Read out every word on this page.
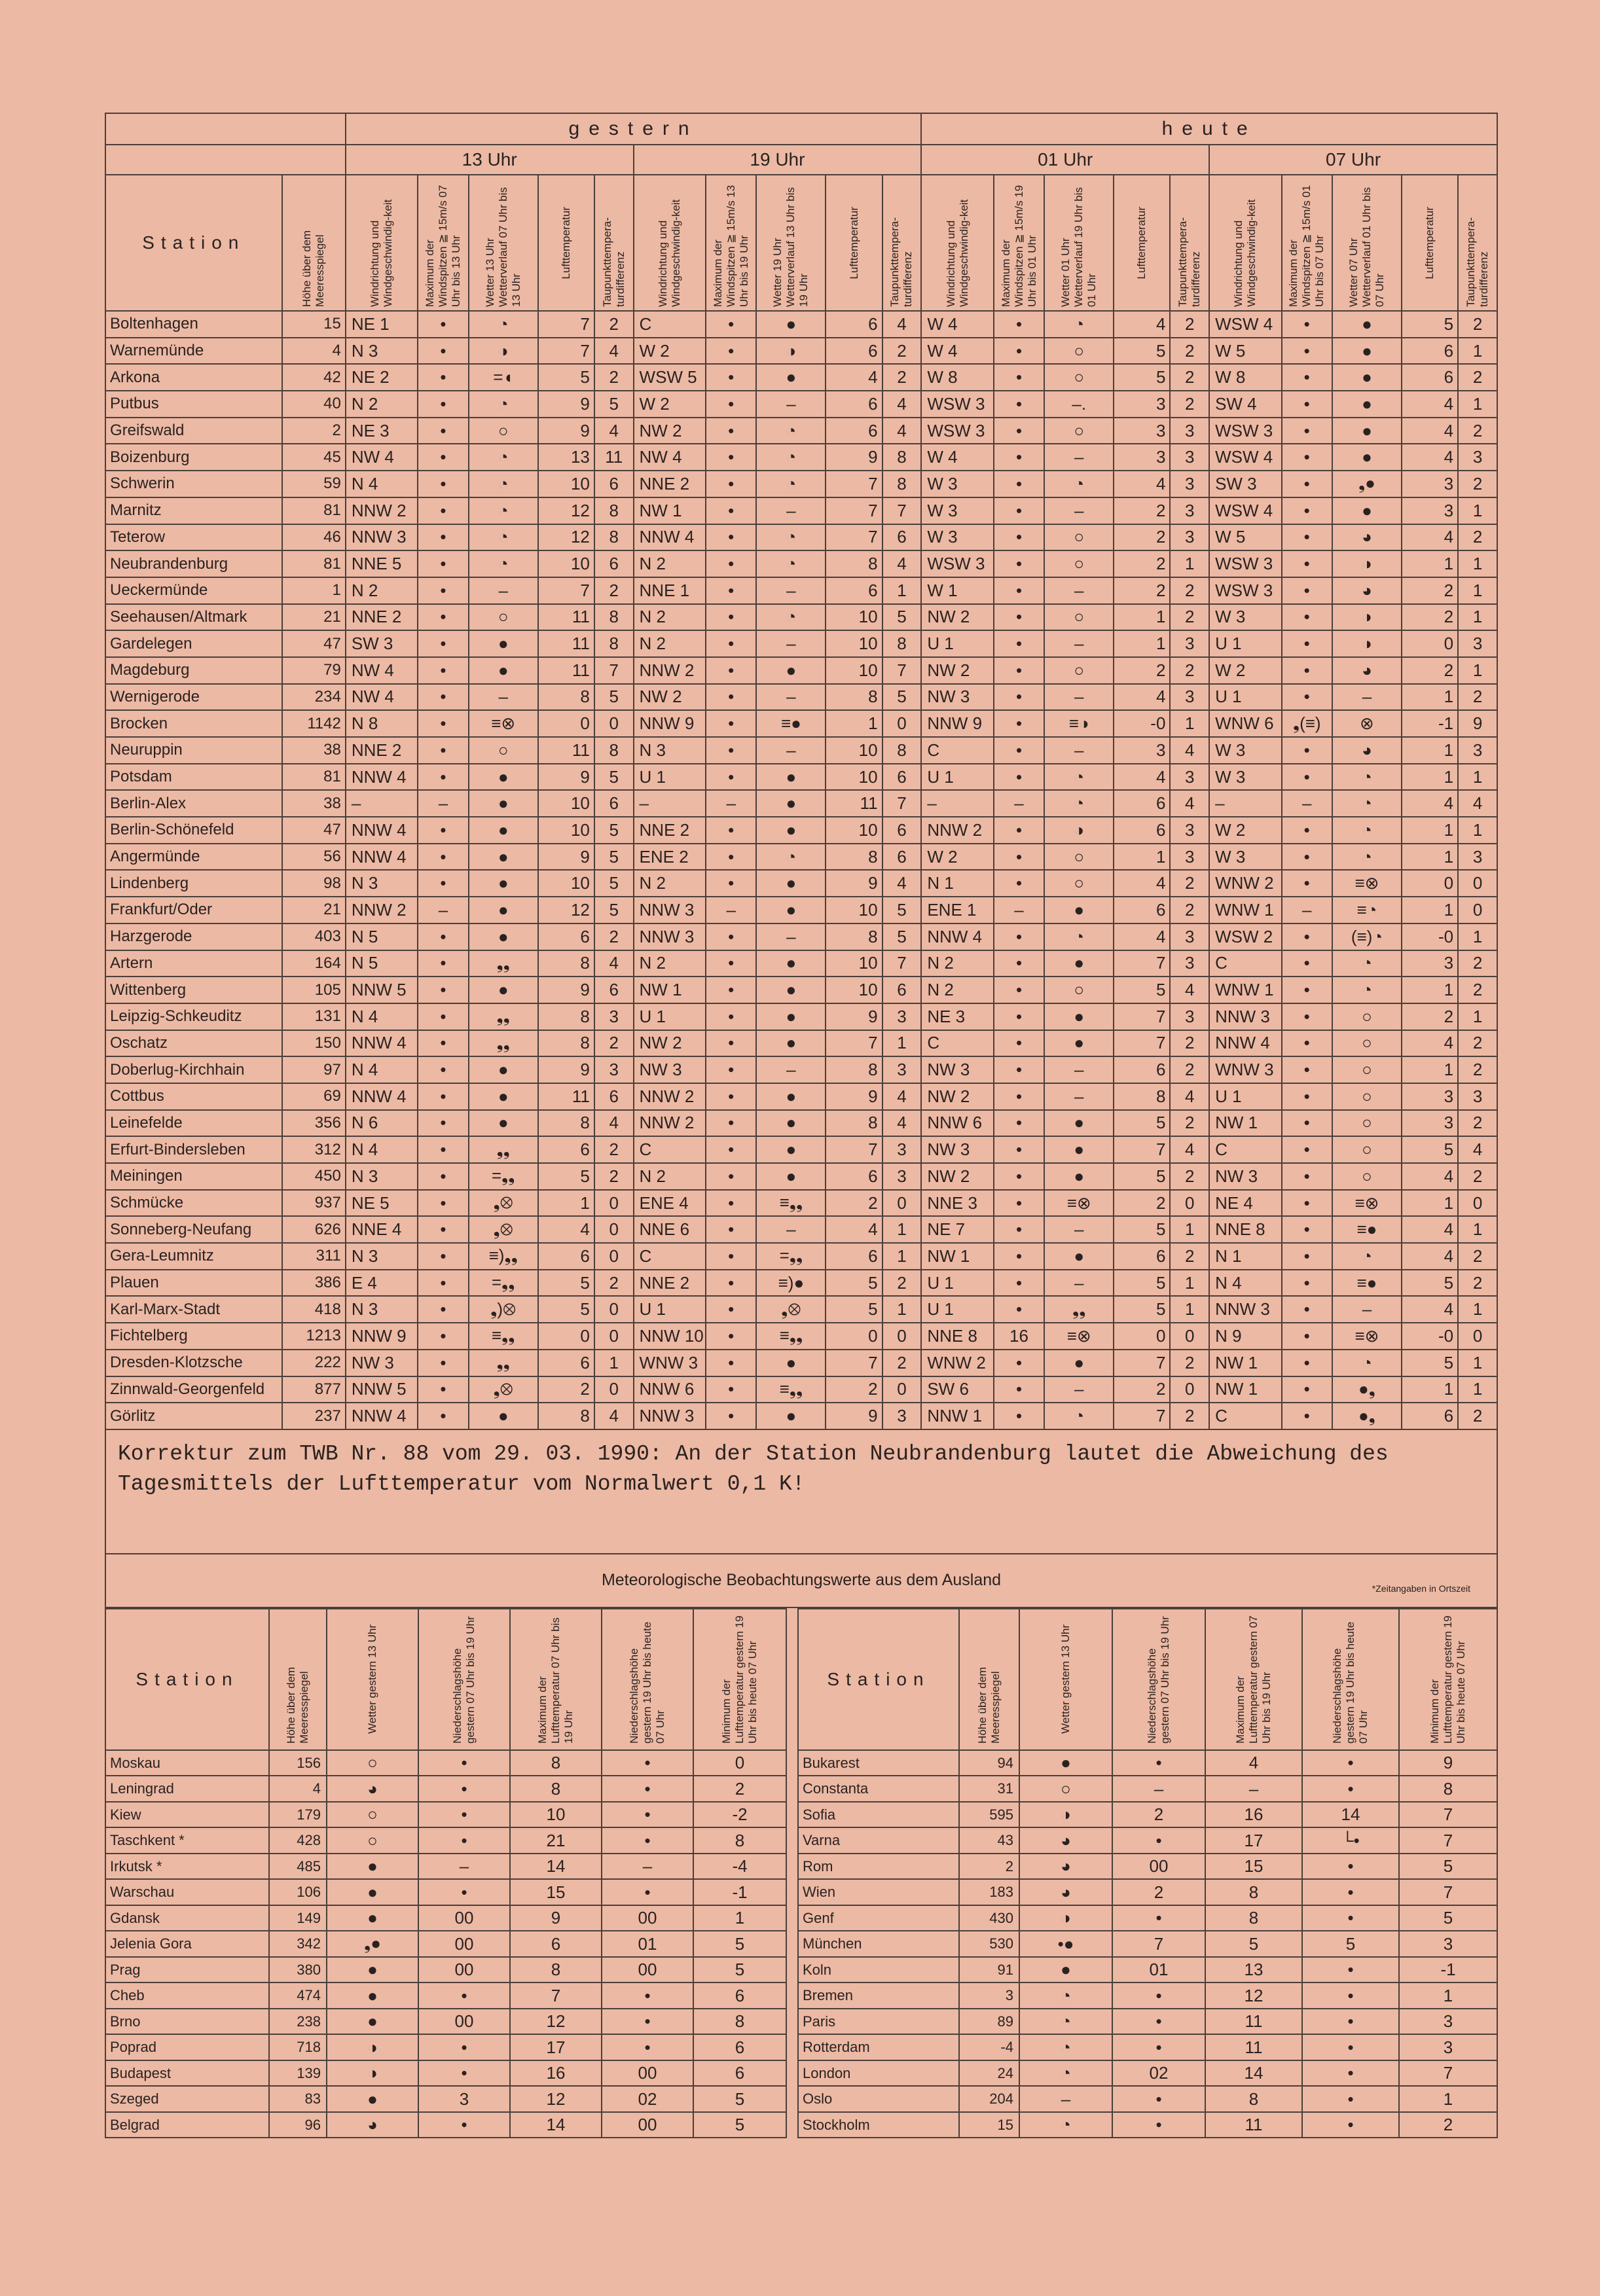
		gestern										heute									
		13 Uhr					19 Uhr					01 Uhr					07 Uhr				
Station	Höhe über dem Meeresspiegel	Windrichtung und Windgeschwindig-keit	Maximum der Windspitzen ≧ 15m/s 07 Uhr bis 13 Uhr	Wetter 13 Uhr Wetterverlauf 07 Uhr bis 13 Uhr	Lufttemperatur	Taupunkttempera-turdifferenz	Windrichtung und Windgeschwindig-keit	Maximum der Windspitzen ≧ 15m/s 13 Uhr bis 19 Uhr	Wetter 19 Uhr Wetterverlauf 13 Uhr bis 19 Uhr	Lufttemperatur	Taupunkttempera-turdifferenz	Windrichtung und Windgeschwindig-keit	Maximum der Windspitzen ≧ 15m/s 19 Uhr bis 01 Uhr	Wetter 01 Uhr Wetterverlauf 19 Uhr bis 01 Uhr	Lufttemperatur	Taupunkttempera-turdifferenz	Windrichtung und Windgeschwindig-keit	Maximum der Windspitzen ≧ 15m/s 01 Uhr bis 07 Uhr	Wetter 07 Uhr Wetterverlauf 01 Uhr bis 07 Uhr	Lufttemperatur	Taupunkttempera-turdifferenz

Boltenhagen	15	NE 1	•	◔	7	2	C	•	●	6	4	W 4	•	◔	4	2	WSW 4	•	●	5	2
Warnemünde	4	N 3	•	◑	7	4	W 2	•	◑	6	2	W 4	•	○	5	2	W 5	•	●	6	1
Arkona	42	NE 2	•	=◖	5	2	WSW 5	•	●	4	2	W 8	•	○	5	2	W 8	•	●	6	2
Putbus	40	N 2	•	◔	9	5	W 2	•	–	6	4	WSW 3	•	–.	3	2	SW 4	•	●	4	1
Greifswald	2	NE 3	•	○	9	4	NW 2	•	◔	6	4	WSW 3	•	○	3	3	WSW 3	•	●	4	2
Boizenburg	45	NW 4	•	◔	13	11	NW 4	•	◔	9	8	W 4	•	–	3	3	WSW 4	•	●	4	3
Schwerin	59	N 4	•	◔	10	6	NNE 2	•	◔	7	8	W 3	•	◔	4	3	SW 3	•	❟●	3	2
Marnitz	81	NNW 2	•	◔	12	8	NW 1	•	–	7	7	W 3	•	–	2	3	WSW 4	•	●	3	1
Teterow	46	NNW 3	•	◔	12	8	NNW 4	•	◔	7	6	W 3	•	○	2	3	W 5	•	◕	4	2
Neubrandenburg	81	NNE 5	•	◔	10	6	N 2	•	◔	8	4	WSW 3	•	○	2	1	WSW 3	•	◑	1	1
Ueckermünde	1	N 2	•	–	7	2	NNE 1	•	–	6	1	W 1	•	–	2	2	WSW 3	•	◕	2	1
Seehausen/Altmark	21	NNE 2	•	○	11	8	N 2	•	◔	10	5	NW 2	•	○	1	2	W 3	•	◑	2	1
Gardelegen	47	SW 3	•	●	11	8	N 2	•	–	10	8	U 1	•	–	1	3	U 1	•	◑	0	3
Magdeburg	79	NW 4	•	●	11	7	NNW 2	•	●	10	7	NW 2	•	○	2	2	W 2	•	◕	2	1
Wernigerode	234	NW 4	•	–	8	5	NW 2	•	–	8	5	NW 3	•	–	4	3	U 1	•	–	1	2
Brocken	1142	N 8	•	≡⊗	0	0	NNW 9	•	≡●	1	0	NNW 9	•	≡◑	-0	1	WNW 6	❟(≡)	⊗	-1	9
Neuruppin	38	NNE 2	•	○	11	8	N 3	•	–	10	8	C	•	–	3	4	W 3	•	◕	1	3
Potsdam	81	NNW 4	•	●	9	5	U 1	•	●	10	6	U 1	•	◔	4	3	W 3	•	◔	1	1
Berlin-Alex	38	–	–	●	10	6	–	–	●	11	7	–	–	◔	6	4	–	–	◔	4	4
Berlin-Schönefeld	47	NNW 4	•	●	10	5	NNE 2	•	●	10	6	NNW 2	•	◑	6	3	W 2	•	◔	1	1
Angermünde	56	NNW 4	•	●	9	5	ENE 2	•	◔	8	6	W 2	•	○	1	3	W 3	•	◔	1	3
Lindenberg	98	N 3	•	●	10	5	N 2	•	●	9	4	N 1	•	○	4	2	WNW 2	•	≡⊗	0	0
Frankfurt/Oder	21	NNW 2	–	●	12	5	NNW 3	–	●	10	5	ENE 1	–	●	6	2	WNW 1	–	≡◔	1	0
Harzgerode	403	N 5	•	●	6	2	NNW 3	•	–	8	5	NNW 4	•	◔	4	3	WSW 2	•	(≡)◔	-0	1
Artern	164	N 5	•	❟❟	8	4	N 2	•	●	10	7	N 2	•	●	7	3	C	•	◔	3	2
Wittenberg	105	NNW 5	•	●	9	6	NW 1	•	●	10	6	N 2	•	○	5	4	WNW 1	•	◔	1	2
Leipzig-Schkeuditz	131	N 4	•	❟❟	8	3	U 1	•	●	9	3	NE 3	•	●	7	3	NNW 3	•	○	2	1
Oschatz	150	NNW 4	•	❟❟	8	2	NW 2	•	●	7	1	C	•	●	7	2	NNW 4	•	○	4	2
Doberlug-Kirchhain	97	N 4	•	●	9	3	NW 3	•	–	8	3	NW 3	•	–	6	2	WNW 3	•	○	1	2
Cottbus	69	NNW 4	•	●	11	6	NNW 2	•	●	9	4	NW 2	•	–	8	4	U 1	•	○	3	3
Leinefelde	356	N 6	•	●	8	4	NNW 2	•	●	8	4	NNW 6	•	●	5	2	NW 1	•	○	3	2
Erfurt-Bindersleben	312	N 4	•	❟❟	6	2	C	•	●	7	3	NW 3	•	●	7	4	C	•	○	5	4
Meiningen	450	N 3	•	=❟❟	5	2	N 2	•	●	6	3	NW 2	•	●	5	2	NW 3	•	○	4	2
Schmücke	937	NE 5	•	❟⊗	1	0	ENE 4	•	≡❟❟	2	0	NNE 3	•	≡⊗	2	0	NE 4	•	≡⊗	1	0
Sonneberg-Neufang	626	NNE 4	•	❟⊗	4	0	NNE 6	•	–	4	1	NE 7	•	–	5	1	NNE 8	•	≡●	4	1
Gera-Leumnitz	311	N 3	•	≡)❟❟	6	0	C	•	=❟❟	6	1	NW 1	•	●	6	2	N 1	•	◔	4	2
Plauen	386	E 4	•	=❟❟	5	2	NNE 2	•	≡)●	5	2	U 1	•	–	5	1	N 4	•	≡●	5	2
Karl-Marx-Stadt	418	N 3	•	❟)⊗	5	0	U 1	•	❟⊗	5	1	U 1	•	❟❟	5	1	NNW 3	•	–	4	1
Fichtelberg	1213	NNW 9	•	≡❟❟	0	0	NNW 10	•	≡❟❟	0	0	NNE 8	16	≡⊗	0	0	N 9	•	≡⊗	-0	0
Dresden-Klotzsche	222	NW 3	•	❟❟	6	1	WNW 3	•	●	7	2	WNW 2	•	●	7	2	NW 1	•	◔	5	1
Zinnwald-Georgenfeld	877	NNW 5	•	❟⊗	2	0	NNW 6	•	≡❟❟	2	0	SW 6	•	–	2	0	NW 1	•	●❟	1	1
Görlitz	237	NNW 4	•	●	8	4	NNW 3	•	●	9	3	NNW 1	•	◔	7	2	C	•	●❟	6	2
Korrektur zum TWB Nr. 88 vom 29. 03. 1990: An der Station Neubrandenburg lautet die Abweichung des Tagesmittels der Lufttemperatur vom Normalwert 0,1 K!																					
Meteorologische Beobachtungswerte aus dem Ausland *Zeitangaben in Ortszeit																					
Station	Höhe über dem Meeresspiegel	Wetter gestern 13 Uhr	Niederschlagshöhe gestern 07 Uhr bis 19 Uhr	Maximum der Lufttemperatur 07 Uhr bis 19 Uhr	Niederschlagshöhe gestern 19 Uhr bis heute 07 Uhr	Minimum der Lufttemperatur gestern 19 Uhr bis heute 07 Uhr

Moskau	156	○	•	8	•	0
Leningrad	4	◕	•	8	•	2
Kiew	179	○	•	10	•	-2
Taschkent *	428	○	•	21	•	8
Irkutsk *	485	●	–	14	–	-4
Warschau	106	●	•	15	•	-1
Gdansk	149	●	00	9	00	1
Jelenia Gora	342	❟●	00	6	01	5
Prag	380	●	00	8	00	5
Cheb	474	●	•	7	•	6
Brno	238	●	00	12	•	8
Poprad	718	◑	•	17	•	6
Budapest	139	◑	•	16	00	6
Szeged	83	●	3	12	02	5
Belgrad	96	◕	•	14	00	5
Station	Höhe über dem Meeresspiegel	Wetter gestern 13 Uhr	Niederschlagshöhe gestern 07 Uhr bis 19 Uhr	Maximum der Lufttemperatur gestern 07 Uhr bis 19 Uhr	Niederschlagshöhe gestern 19 Uhr bis heute 07 Uhr	Minimum der Lufttemperatur gestern 19 Uhr bis heute 07 Uhr

Bukarest	94	●	•	4	•	9
Constanta	31	○	–	–	•	8
Sofia	595	◑	2	16	14	7
Varna	43	◕	•	17	└•	7
Rom	2	◕	00	15	•	5
Wien	183	◕	2	8	•	7
Genf	430	◑	•	8	•	5
München	530	•●	7	5	5	3
Koln	91	●	01	13	•	-1
Bremen	3	◔	•	12	•	1
Paris	89	◔	•	11	•	3
Rotterdam	-4	◔	•	11	•	3
London	24	◔	02	14	•	7
Oslo	204	–	•	8	•	1
Stockholm	15	◔	•	11	•	2
